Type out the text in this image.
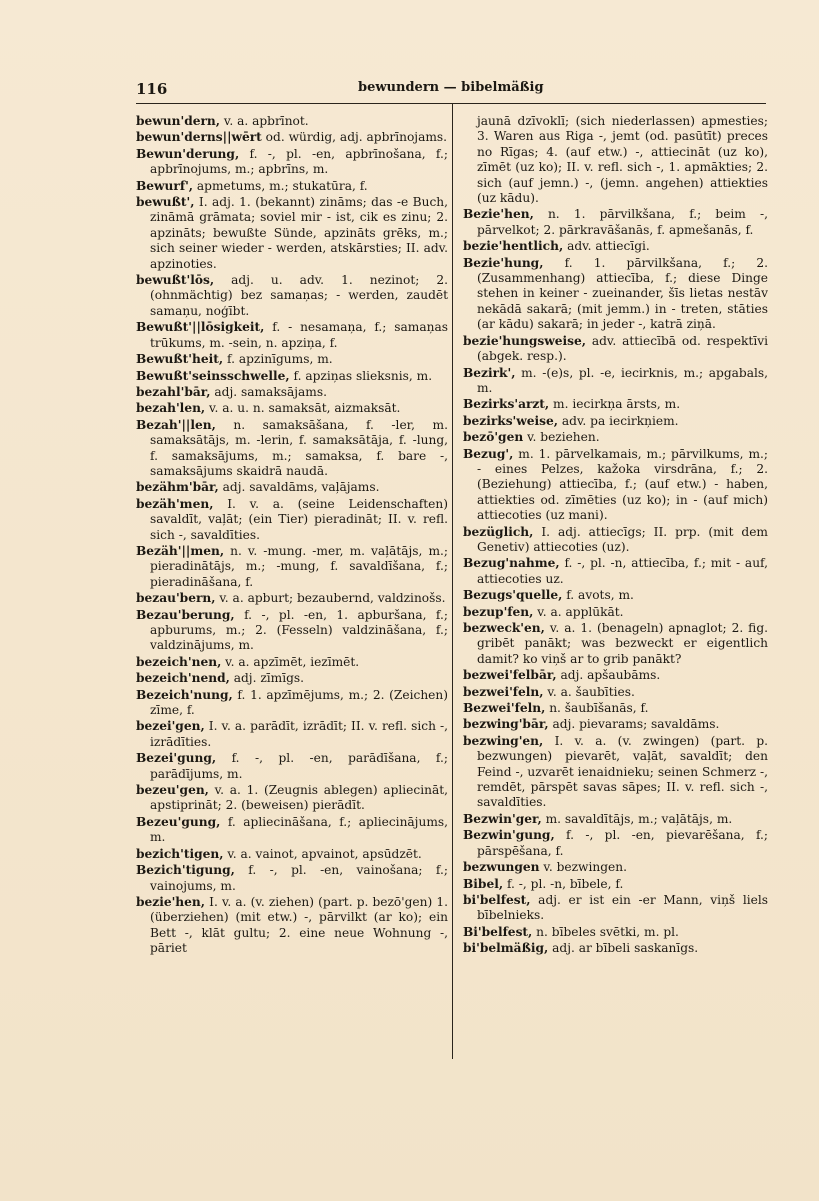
116	bewundern — bibelmäßig
bewun'dern, v. a. apbrīnot.
bewun'derns||wērt od. würdig, adj. apbrīnojams.
Bewun'derung, f. -, pl. -en, apbrīnošana, f.; apbrīnojums, m.; apbrīns, m.
Bewurf', apmetums, m.; stukatūra, f.
bewußt', I. adj. 1. (bekannt) zināms; das -e Buch, zināmā grāmata; soviel mir - ist, cik es zinu; 2. apzināts; bewußte Sünde, apzināts grēks, m.; sich seiner wieder - werden, atskārsties; II. adv. apzinoties.
bewußt'lōs, adj. u. adv. 1. nezinot; 2. (ohnmächtig) bez samaņas; - werden, zaudēt samaņu, noģībt.
Bewußt'||lōsigkeit, f. - nesamaņa, f.; samaņas trūkums, m. -sein, n. apziņa, f.
Bewußt'heit, f. apzinīgums, m.
Bewußt'seinsschwelle, f. apziņas slieksnis, m.
bezahl'bār, adj. samaksājams.
bezah'len, v. a. u. n. samaksāt, aizmaksāt.
Bezah'||len, n. samaksāšana, f. -ler, m. samaksātājs, m. -lerin, f. samaksātāja, f. -lung, f. samaksājums, m.; samaksa, f. bare -, samaksājums skaidrā naudā.
bezähm'bār, adj. savaldāms, vaļājams.
bezäh'men, I. v. a. (seine Leidenschaften) savaldīt, vaļāt; (ein Tier) pieradināt; II. v. refl. sich -, savaldīties.
Bezäh'||men, n. v. -mung. -mer, m. vaļātājs, m.; pieradinātājs, m.; -mung, f. savaldīšana, f.; pieradināšana, f.
bezau'bern, v. a. apburt; bezaubernd, valdzinošs.
Bezau'berung, f. -, pl. -en, 1. apburšana, f.; apburums, m.; 2. (Fesseln) valdzināšana, f.; valdzinājums, m.
bezeich'nen, v. a. apzīmēt, iezīmēt.
bezeich'nend, adj. zīmīgs.
Bezeich'nung, f. 1. apzīmējums, m.; 2. (Zeichen) zīme, f.
bezei'gen, I. v. a. parādīt, izrādīt; II. v. refl. sich -, izrādīties.
Bezei'gung, f. -, pl. -en, parādīšana, f.; parādījums, m.
bezeu'gen, v. a. 1. (Zeugnis ablegen) apliecināt, apstiprināt; 2. (beweisen) pierādīt.
Bezeu'gung, f. apliecināšana, f.; apliecinājums, m.
bezich'tigen, v. a. vainot, apvainot, apsūdzēt.
Bezich'tigung, f. -, pl. -en, vainošana; f.; vainojums, m.
bezie'hen, I. v. a. (v. ziehen) (part. p. bezō'gen) 1. (überziehen) (mit etw.) -, pārvilkt (ar ko); ein Bett -, klāt gultu; 2. eine neue Wohnung -, pāriet
jaunā dzīvoklī; (sich niederlassen) apmesties; 3. Waren aus Riga -, jemt (od. pasūtīt) preces no Rīgas; 4. (auf etw.) -, attiecināt (uz ko), zīmēt (uz ko); II. v. refl. sich -, 1. apmākties; 2. sich (auf jemn.) -, (jemn. angehen) attiekties (uz kādu).
Bezie'hen, n. 1. pārvilkšana, f.; beim -, pārvelkot; 2. pārkravāšanās, f. apmešanās, f.
bezie'hentlich, adv. attiecīgi.
Bezie'hung, f. 1. pārvilkšana, f.; 2. (Zusammenhang) attiecība, f.; diese Dinge stehen in keiner - zueinander, šīs lietas nestāv nekādā sakarā; (mit jemm.) in - treten, stāties (ar kādu) sakarā; in jeder -, katrā ziņā.
bezie'hungsweise, adv. attiecībā od. respektīvi (abgek. resp.).
Bezirk', m. -(e)s, pl. -e, iecirknis, m.; apgabals, m.
Bezirks'arzt, m. iecirkņa ārsts, m.
bezirks'weise, adv. pa iecirkņiem.
bezō'gen v. beziehen.
Bezug', m. 1. pārvelkamais, m.; pārvilkums, m.; - eines Pelzes, kažoka virsdrāna, f.; 2. (Beziehung) attiecība, f.; (auf etw.) - haben, attiekties od. zīmēties (uz ko); in - (auf mich) attiecoties (uz mani).
bezüglich, I. adj. attiecīgs; II. prp. (mit dem Genetiv) attiecoties (uz).
Bezug'nahme, f. -, pl. -n, attiecība, f.; mit - auf, attiecoties uz.
Bezugs'quelle, f. avots, m.
bezup'fen, v. a. applūkāt.
bezweck'en, v. a. 1. (benageln) apnaglot; 2. fig. gribēt panākt; was bezweckt er eigentlich damit? ko viņš ar to grib panākt?
bezwei'felbār, adj. apšaubāms.
bezwei'feln, v. a. šaubīties.
Bezwei'feln, n. šaubīšanās, f.
bezwing'bār, adj. pievarams; savaldāms.
bezwing'en, I. v. a. (v. zwingen) (part. p. bezwungen) pievarēt, vaļāt, savaldīt; den Feind -, uzvarēt ienaidnieku; seinen Schmerz -, remdēt, pārspēt savas sāpes; II. v. refl. sich -, savaldīties.
Bezwin'ger, m. savaldītājs, m.; vaļātājs, m.
Bezwin'gung, f. -, pl. -en, pievarēšana, f.; pārspēšana, f.
bezwungen v. bezwingen.
Bibel, f. -, pl. -n, bībele, f.
bi'belfest, adj. er ist ein -er Mann, viņš liels bībelnieks.
Bi'belfest, n. bībeles svētki, m. pl.
bi'belmäßig, adj. ar bībeli saskanīgs.
